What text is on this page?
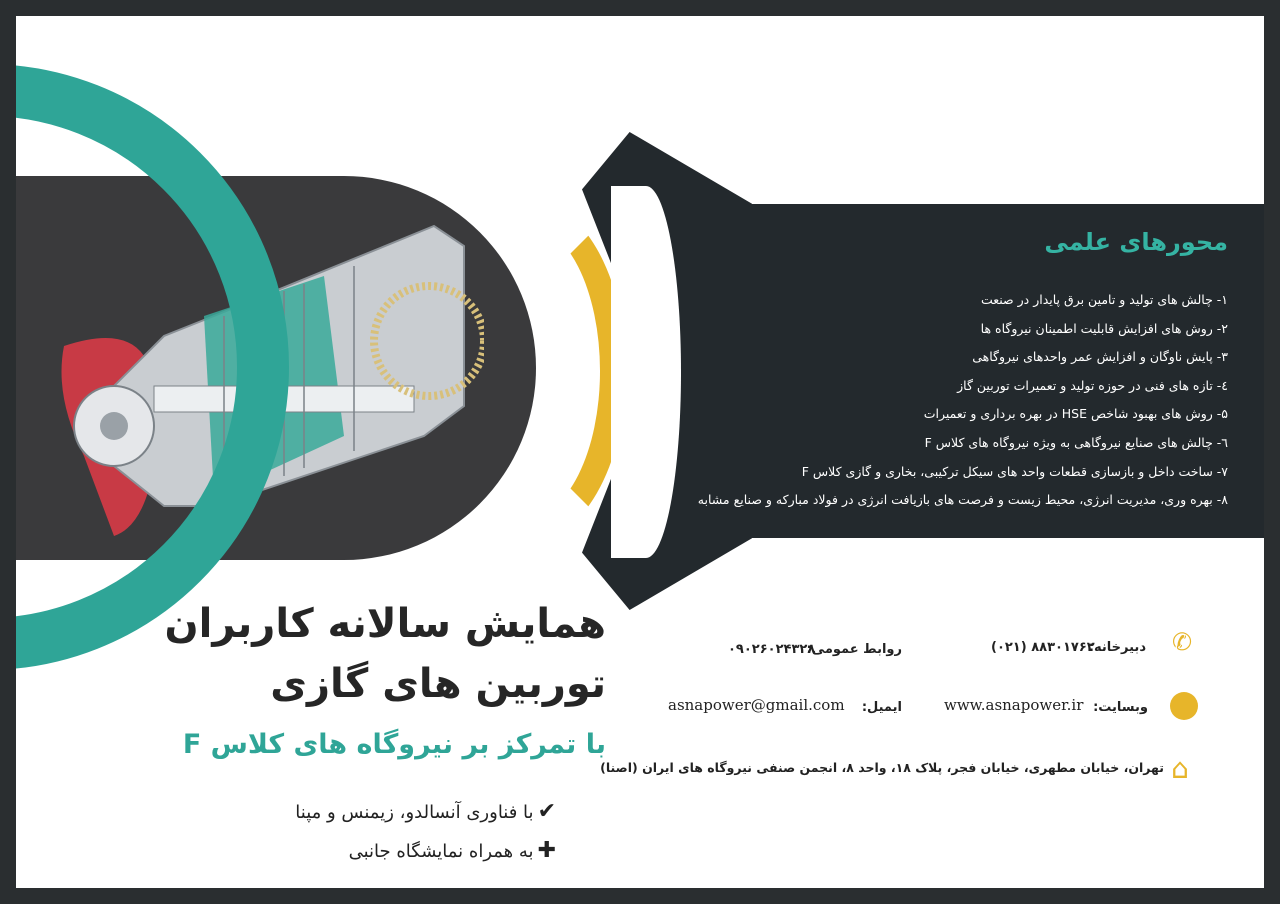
محورهای علمی
۱- چالش های تولید و تامین برق پایدار در صنعت
۲- روش های افزایش قابلیت اطمینان نیروگاه ها
۳- پایش ناوگان و افزایش عمر واحدهای نیروگاهی
٤- تازه های فنی در حوزه تولید و تعمیرات توربین گاز
۵- روش های بهبود شاخص HSE در بهره برداری و تعمیرات
٦- چالش های صنایع نیروگاهی به ویژه نیروگاه های کلاس F
۷- ساخت داخل و بازسازی قطعات واحد های سیکل ترکیبی، بخاری و گازی کلاس F
۸- بهره وری، مدیریت انرژی، محیط زیست و فرصت های بازیافت انرژی در فولاد مبارکه و صنایع مشابه
همایش سالانه کاربران
توربین های گازی
با تمرکز بر نیروگاه های کلاس F
✔با فناوری آنسالدو، زیمنس و مپنا
✚به همراه نمایشگاه جانبی
✆
دبیرخانه:
(۰۲۱) ۸۸۳۰۱۷۶۲
روابط عمومی:
۰۹۰۲۶۰۲۴۳۲۸
وبسایت:
www.asnapower.ir
ایمیل:
asnapower@gmail.com
⌂
تهران، خیابان مطهری، خیابان فجر، پلاک ۱۸، واحد ۸، انجمن صنفی نیروگاه های ایران (اصنا)
